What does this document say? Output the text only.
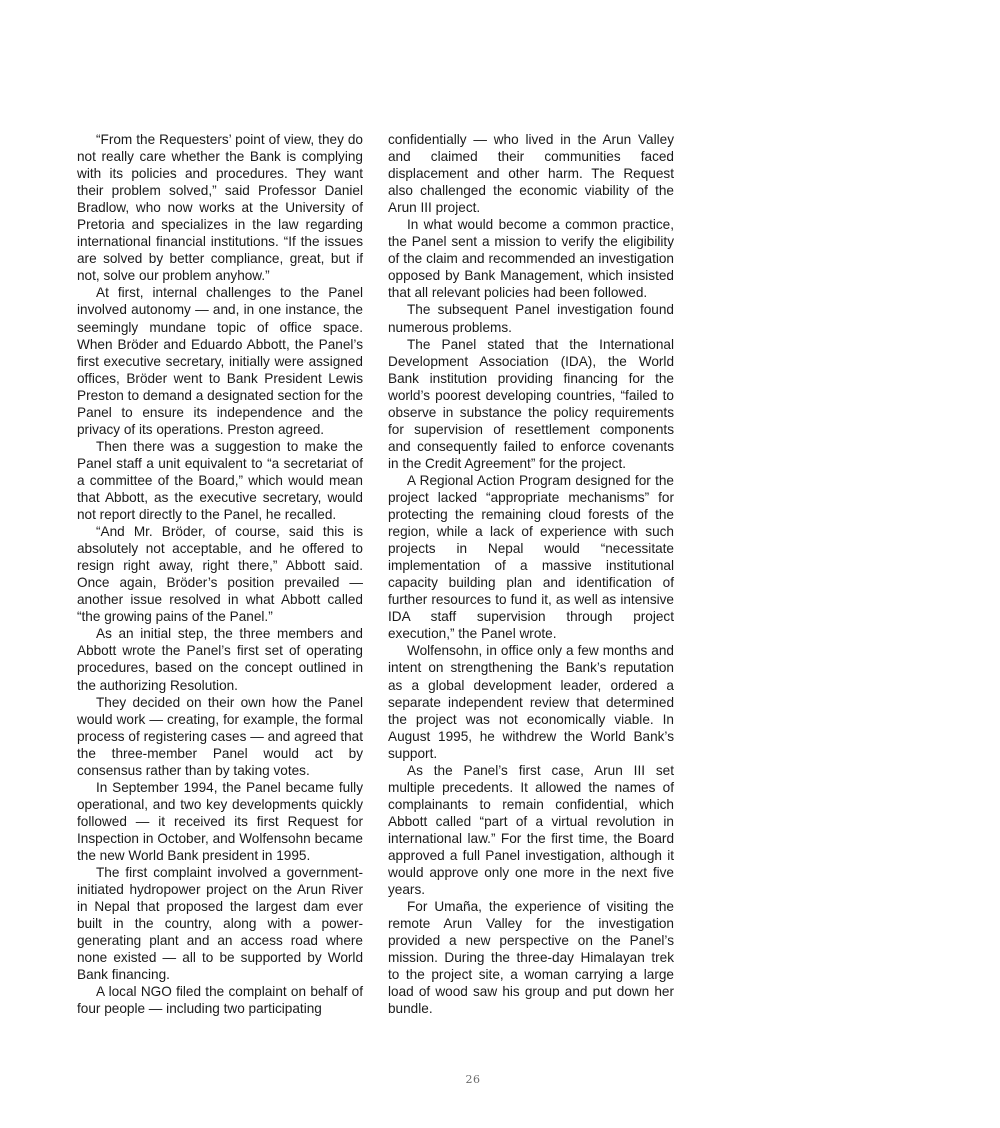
“From the Requesters’ point of view, they do not really care whether the Bank is complying with its policies and procedures. They want their problem solved,” said Professor Daniel Bradlow, who now works at the University of Pretoria and specializes in the law regarding international financial institutions. “If the issues are solved by better compliance, great, but if not, solve our problem anyhow.”

At first, internal challenges to the Panel involved autonomy — and, in one instance, the seemingly mundane topic of office space. When Bröder and Eduardo Abbott, the Panel’s first executive secretary, initially were assigned offices, Bröder went to Bank President Lewis Preston to demand a designated section for the Panel to ensure its independence and the privacy of its operations. Preston agreed.

Then there was a suggestion to make the Panel staff a unit equivalent to “a secretariat of a committee of the Board,” which would mean that Abbott, as the executive secretary, would not report directly to the Panel, he recalled.

“And Mr. Bröder, of course, said this is absolutely not acceptable, and he offered to resign right away, right there,” Abbott said. Once again, Bröder’s position prevailed — another issue resolved in what Abbott called “the growing pains of the Panel.”

As an initial step, the three members and Abbott wrote the Panel’s first set of operating procedures, based on the concept outlined in the authorizing Resolution.

They decided on their own how the Panel would work — creating, for example, the formal process of registering cases — and agreed that the three-member Panel would act by consensus rather than by taking votes.

In September 1994, the Panel became fully operational, and two key developments quickly followed — it received its first Request for Inspection in October, and Wolfensohn became the new World Bank president in 1995.

The first complaint involved a government-initiated hydropower project on the Arun River in Nepal that proposed the largest dam ever built in the country, along with a power-generating plant and an access road where none existed — all to be supported by World Bank financing.

A local NGO filed the complaint on behalf of four people — including two participating

confidentially — who lived in the Arun Valley and claimed their communities faced displacement and other harm. The Request also challenged the economic viability of the Arun III project.

In what would become a common practice, the Panel sent a mission to verify the eligibility of the claim and recommended an investigation opposed by Bank Management, which insisted that all relevant policies had been followed.

The subsequent Panel investigation found numerous problems.

The Panel stated that the International Development Association (IDA), the World Bank institution providing financing for the world’s poorest developing countries, “failed to observe in substance the policy requirements for supervision of resettlement components and consequently failed to enforce covenants in the Credit Agreement” for the project.

A Regional Action Program designed for the project lacked “appropriate mechanisms” for protecting the remaining cloud forests of the region, while a lack of experience with such projects in Nepal would “necessitate implementation of a massive institutional capacity building plan and identification of further resources to fund it, as well as intensive IDA staff supervision through project execution,” the Panel wrote.

Wolfensohn, in office only a few months and intent on strengthening the Bank’s reputation as a global development leader, ordered a separate independent review that determined the project was not economically viable. In August 1995, he withdrew the World Bank’s support.

As the Panel’s first case, Arun III set multiple precedents. It allowed the names of complainants to remain confidential, which Abbott called “part of a virtual revolution in international law.” For the first time, the Board approved a full Panel investigation, although it would approve only one more in the next five years.

For Umaña, the experience of visiting the remote Arun Valley for the investigation provided a new perspective on the Panel’s mission. During the three-day Himalayan trek to the project site, a woman carrying a large load of wood saw his group and put down her bundle.

26
